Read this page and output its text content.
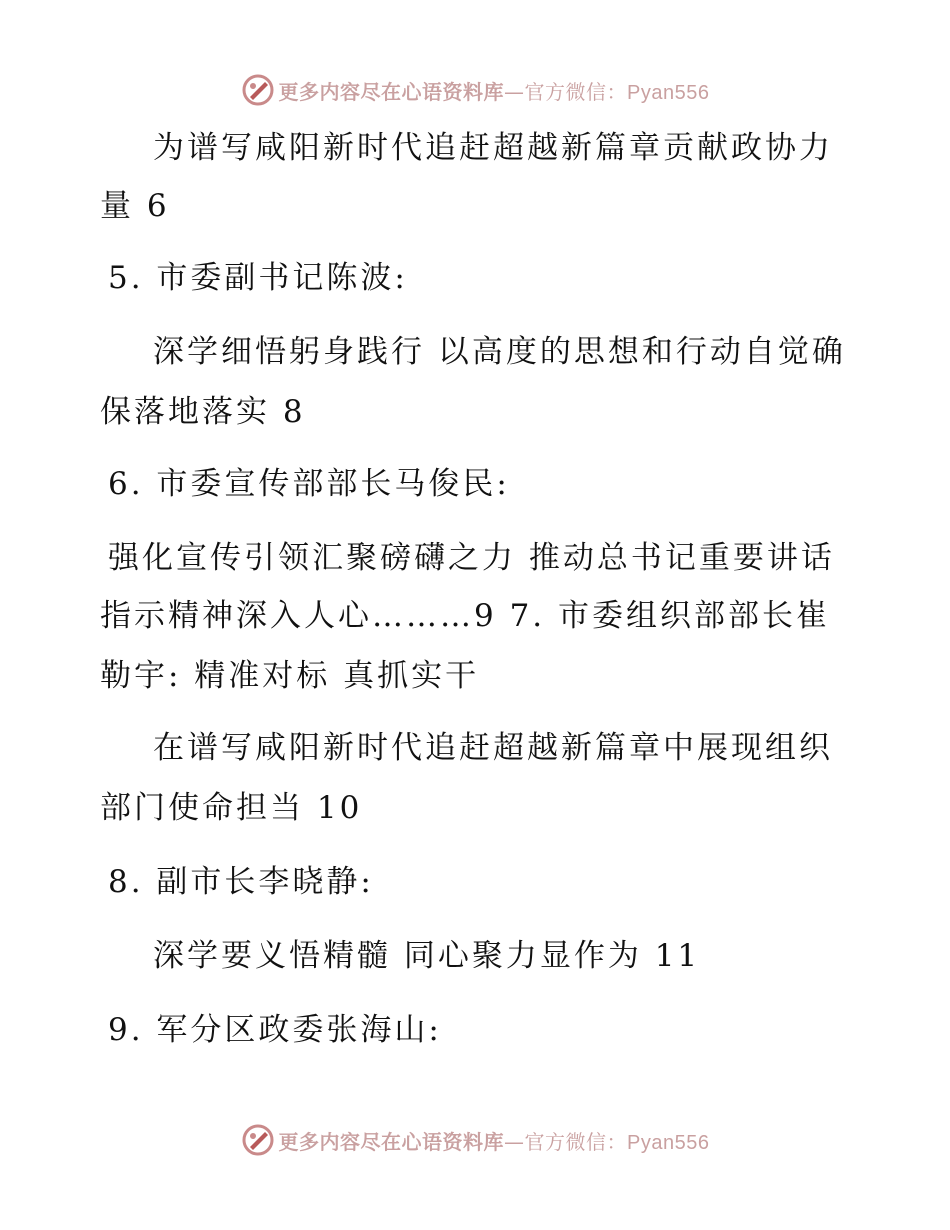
更多内容尽在心语资料库—官方微信：Pyan556

为谱写咸阳新时代追赶超越新篇章贡献政协力

量 6

5. 市委副书记陈波:

深学细悟躬身践行 以高度的思想和行动自觉确

保落地落实 8

6. 市委宣传部部长马俊民:

强化宣传引领汇聚磅礴之力 推动总书记重要讲话

指示精神深入人心………9 7. 市委组织部部长崔

勒宇: 精准对标 真抓实干

在谱写咸阳新时代追赶超越新篇章中展现组织

部门使命担当 10

8. 副市长李晓静:

深学要义悟精髓 同心聚力显作为 11

9. 军分区政委张海山:

更多内容尽在心语资料库—官方微信：Pyan556
